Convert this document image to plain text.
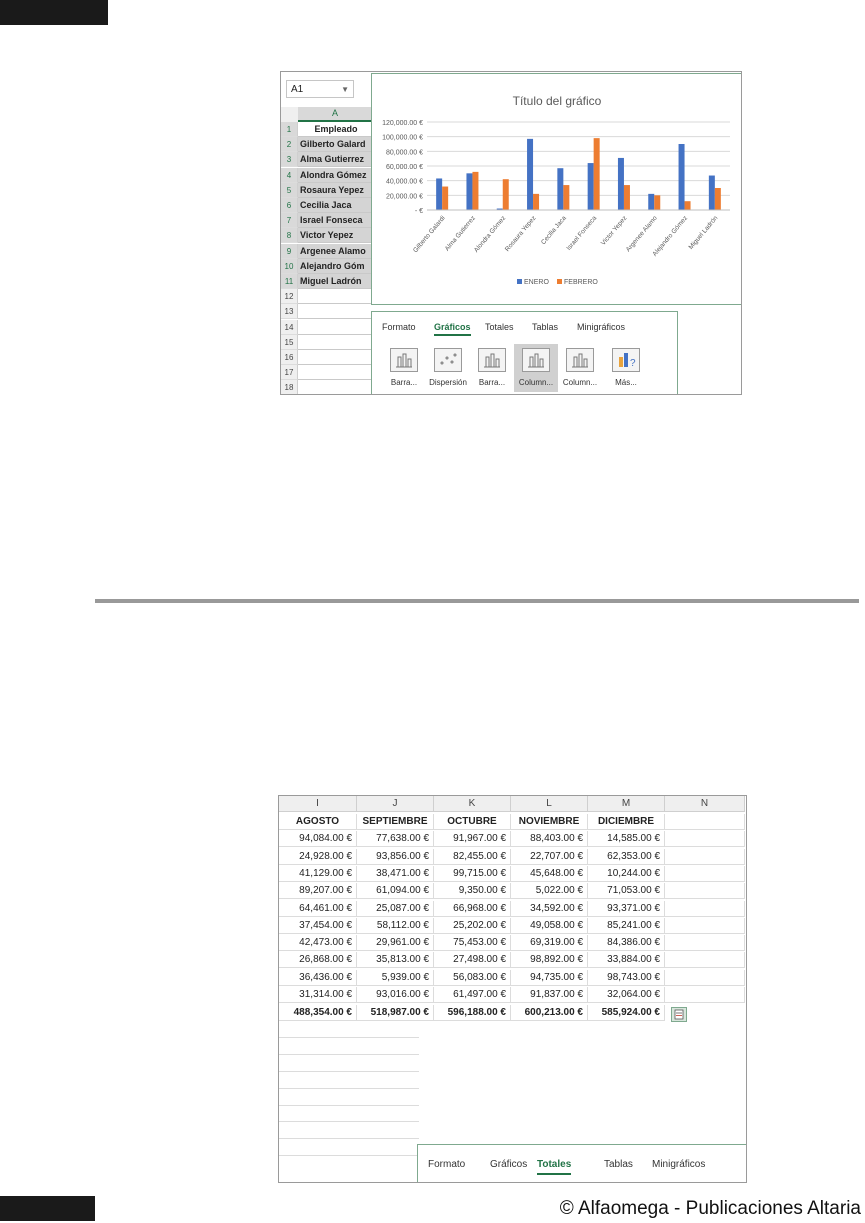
A1	▼
A
1	Empleado
2 Gilberto Galard
3 Alma Gutierrez
4 Alondra Gómez
5 Rosaura Yepez
6 Cecilia Jaca
7 Israel Fonseca
8 Victor Yepez
9 Argenee Alamo
10 Alejandro Góm
11 Miguel Ladrón
12
13
14
15
16
17
18
Título del gráfico
- €
20,000.00 €
40,000.00 €
60,000.00 €
80,000.00 €
100,000.00 €
120,000.00 €
Gilberto Galardi
Alma Gutierrez
Alondra Gómez
Rosaura Yepez Cecilia Jaca
Israel Fonseca Victor Yepez
Argenee Alamo
Alejandro Gómez
Miguel Ladrón
ENERO FEBRERO
Formato Gráficos Totales Tablas Minigráficos
Barra...	Dispersión	Barra...	Column...	Column...
?
Más...
I	J	K	L	M	N
AGOSTO	SEPTIEMBRE	OCTUBRE	NOVIEMBRE	DICIEMBRE
94,084.00 €	77,638.00 €	91,967.00 €	88,403.00 €	14,585.00 €
24,928.00 €	93,856.00 €	82,455.00 €	22,707.00 €	62,353.00 €
41,129.00 €	38,471.00 €	99,715.00 €	45,648.00 €	10,244.00 €
89,207.00 €	61,094.00 €	9,350.00 €	5,022.00 €	71,053.00 €
64,461.00 €	25,087.00 €	66,968.00 €	34,592.00 €	93,371.00 €
37,454.00 €	58,112.00 €	25,202.00 €	49,058.00 €	85,241.00 €
42,473.00 €	29,961.00 €	75,453.00 €	69,319.00 €	84,386.00 €
26,868.00 €	35,813.00 €	27,498.00 €	98,892.00 €	33,884.00 €
36,436.00 €	5,939.00 €	56,083.00 €	94,735.00 €	98,743.00 €
31,314.00 €	93,016.00 €	61,497.00 €	91,837.00 €	32,064.00 €
488,354.00 €	518,987.00 €	596,188.00 €	600,213.00 €	585,924.00 €
Formato Gráficos Totales	Tablas Minigráficos
© Alfaomega - Publicaciones Altaria
